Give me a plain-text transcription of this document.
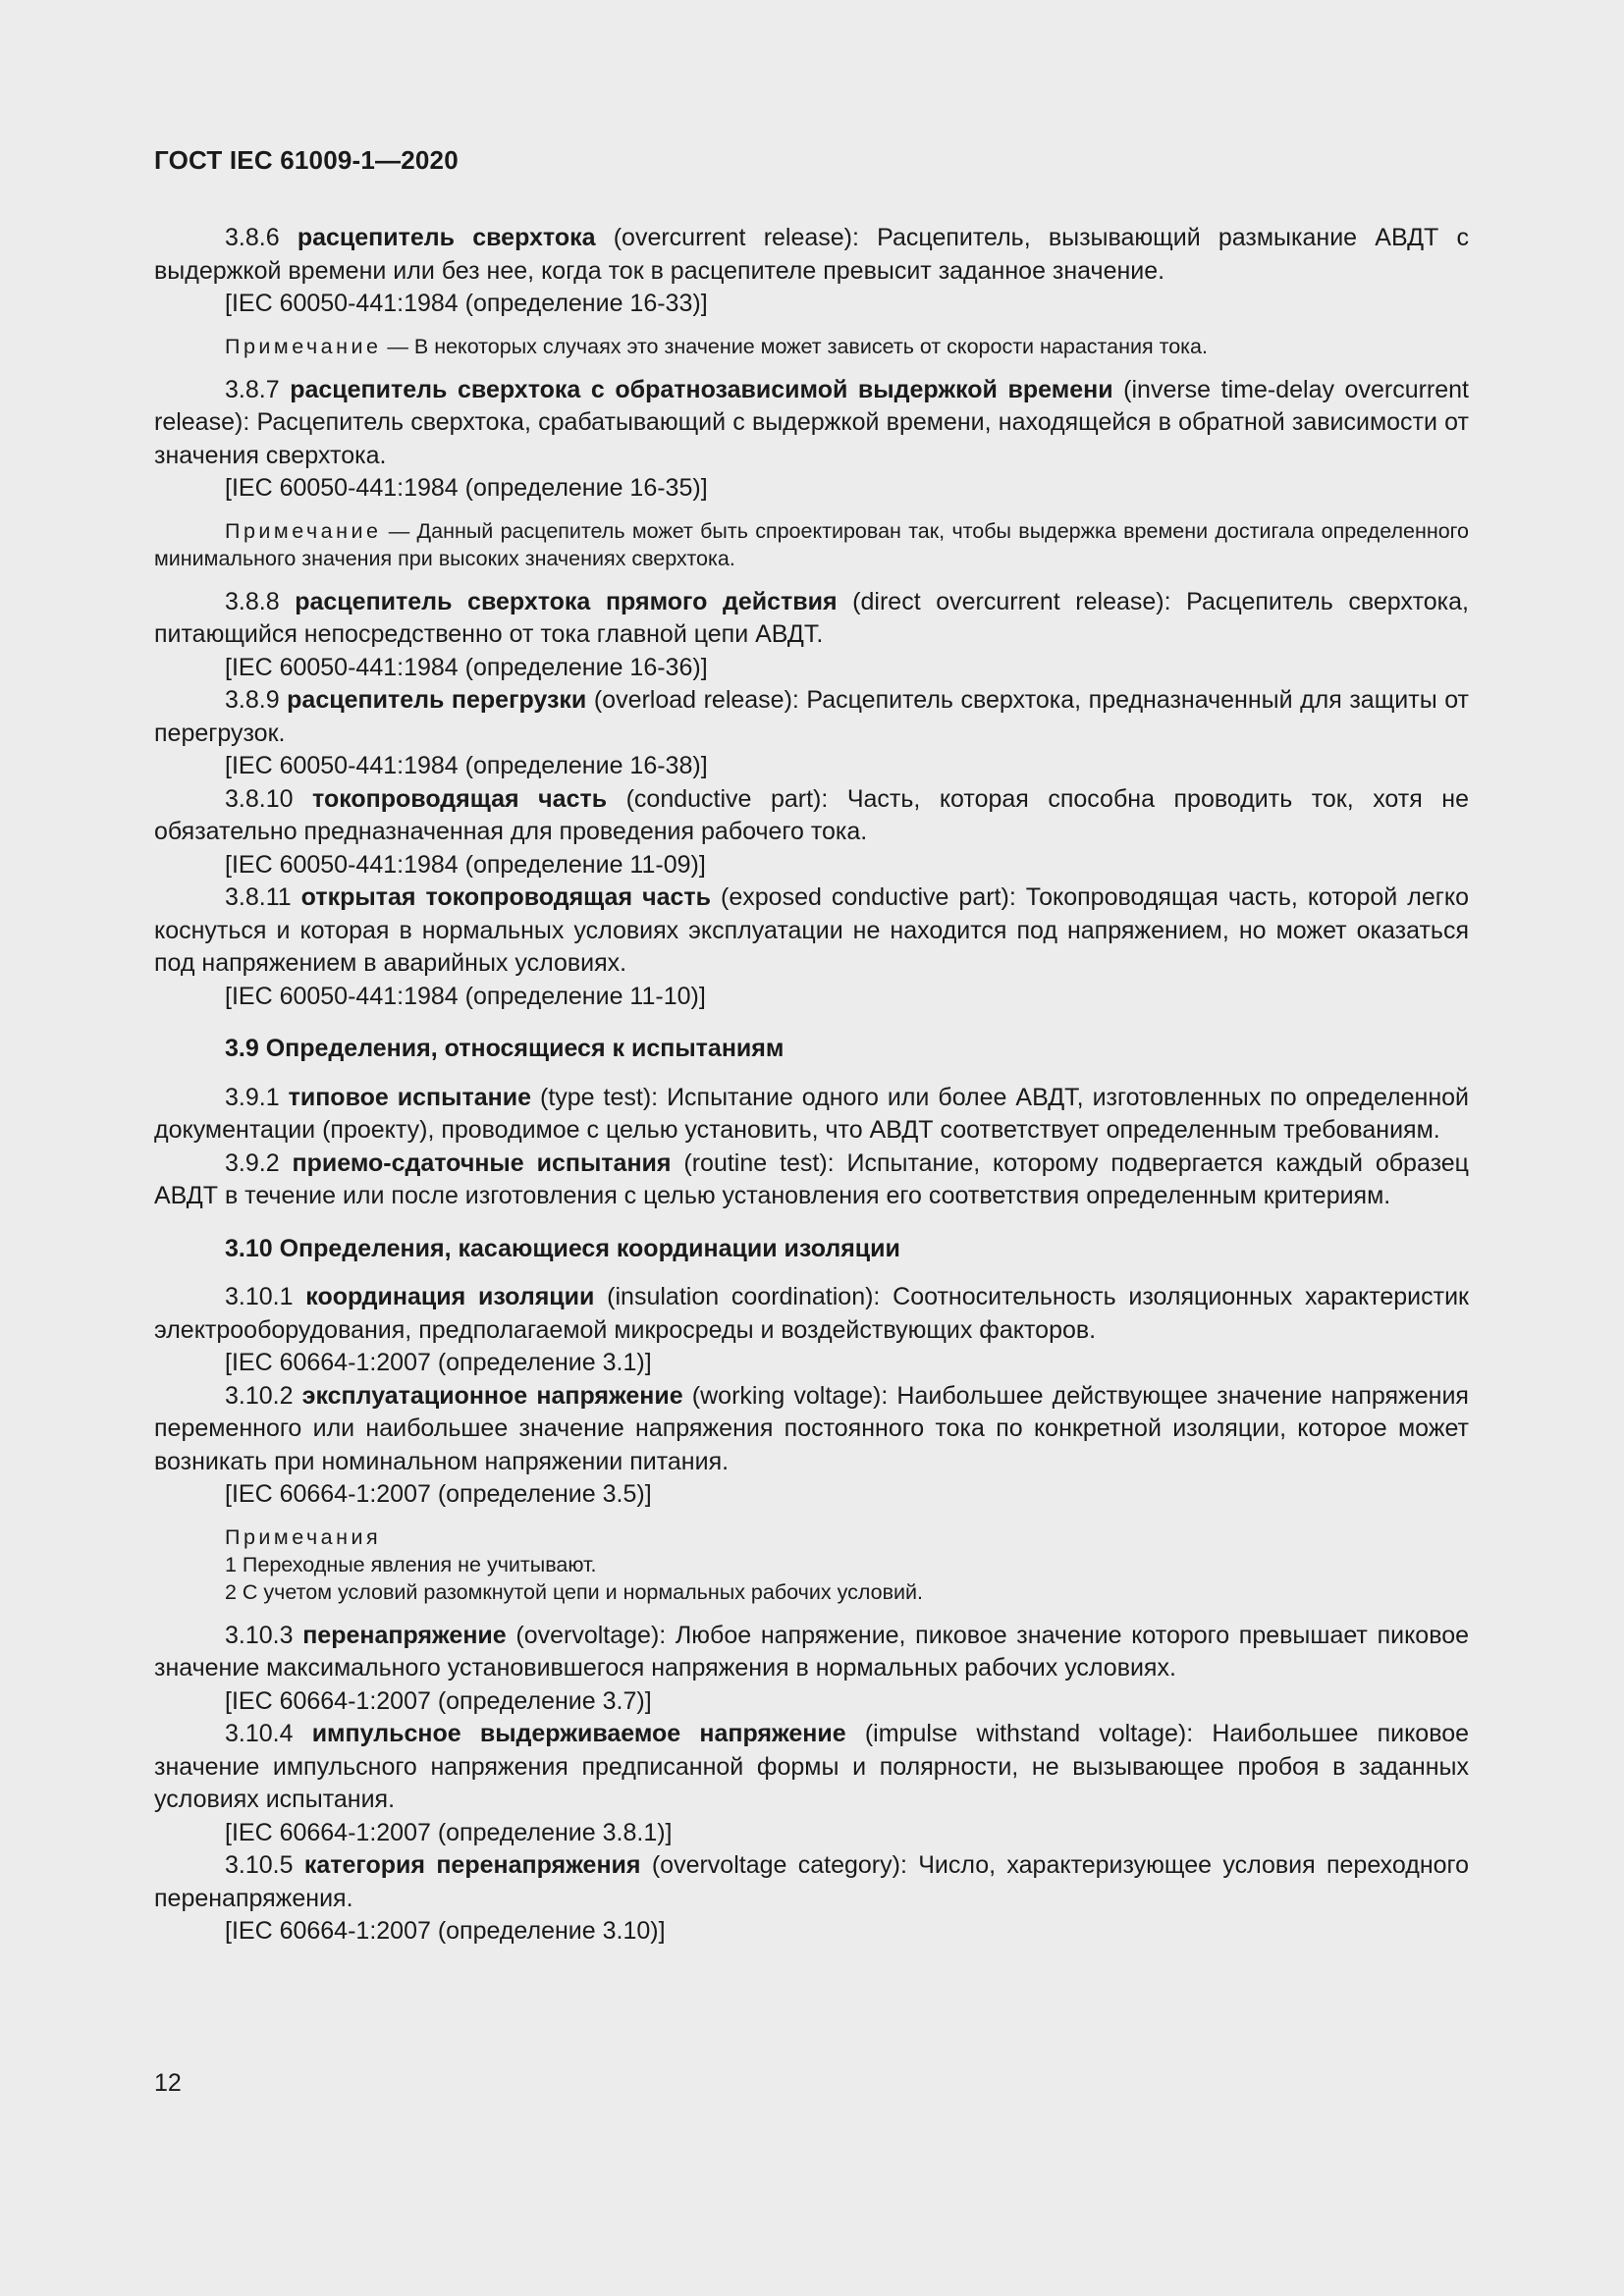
ГОСТ IEC 61009-1—2020

3.8.6 расцепитель сверхтока (overcurrent release): Расцепитель, вызывающий размыкание АВДТ с выдержкой времени или без нее, когда ток в расцепителе превысит заданное значение.

[IEC 60050-441:1984 (определение 16-33)]

Примечание — В некоторых случаях это значение может зависеть от скорости нарастания тока.

3.8.7 расцепитель сверхтока с обратнозависимой выдержкой времени (inverse time-delay overcurrent release): Расцепитель сверхтока, срабатывающий с выдержкой времени, находящейся в обратной зависимости от значения сверхтока.

[IEC 60050-441:1984 (определение 16-35)]

Примечание — Данный расцепитель может быть спроектирован так, чтобы выдержка времени достигала определенного минимального значения при высоких значениях сверхтока.

3.8.8 расцепитель сверхтока прямого действия (direct overcurrent release): Расцепитель сверхтока, питающийся непосредственно от тока главной цепи АВДТ.

[IEC 60050-441:1984 (определение 16-36)]

3.8.9 расцепитель перегрузки (overload release): Расцепитель сверхтока, предназначенный для защиты от перегрузок.

[IEC 60050-441:1984 (определение 16-38)]

3.8.10 токопроводящая часть (conductive part): Часть, которая способна проводить ток, хотя не обязательно предназначенная для проведения рабочего тока.

[IEC 60050-441:1984 (определение 11-09)]

3.8.11 открытая токопроводящая часть (exposed conductive part): Токопроводящая часть, которой легко коснуться и которая в нормальных условиях эксплуатации не находится под напряжением, но может оказаться под напряжением в аварийных условиях.

[IEC 60050-441:1984 (определение 11-10)]

3.9 Определения, относящиеся к испытаниям

3.9.1 типовое испытание (type test): Испытание одного или более АВДТ, изготовленных по определенной документации (проекту), проводимое с целью установить, что АВДТ соответствует определенным требованиям.

3.9.2 приемо-сдаточные испытания (routine test): Испытание, которому подвергается каждый образец АВДТ в течение или после изготовления с целью установления его соответствия определенным критериям.

3.10 Определения, касающиеся координации изоляции

3.10.1 координация изоляции (insulation coordination): Соотносительность изоляционных характеристик электрооборудования, предполагаемой микросреды и воздействующих факторов.

[IEC 60664-1:2007 (определение 3.1)]

3.10.2 эксплуатационное напряжение (working voltage): Наибольшее действующее значение напряжения переменного или наибольшее значение напряжения постоянного тока по конкретной изоляции, которое может возникать при номинальном напряжении питания.

[IEC 60664-1:2007 (определение 3.5)]

Примечания

1 Переходные явления не учитывают.

2 С учетом условий разомкнутой цепи и нормальных рабочих условий.

3.10.3 перенапряжение (overvoltage): Любое напряжение, пиковое значение которого превышает пиковое значение максимального установившегося напряжения в нормальных рабочих условиях.

[IEC 60664-1:2007 (определение 3.7)]

3.10.4 импульсное выдерживаемое напряжение (impulse withstand voltage): Наибольшее пиковое значение импульсного напряжения предписанной формы и полярности, не вызывающее пробоя в заданных условиях испытания.

[IEC 60664-1:2007 (определение 3.8.1)]

3.10.5 категория перенапряжения (overvoltage category): Число, характеризующее условия переходного перенапряжения.

[IEC 60664-1:2007 (определение 3.10)]

12
